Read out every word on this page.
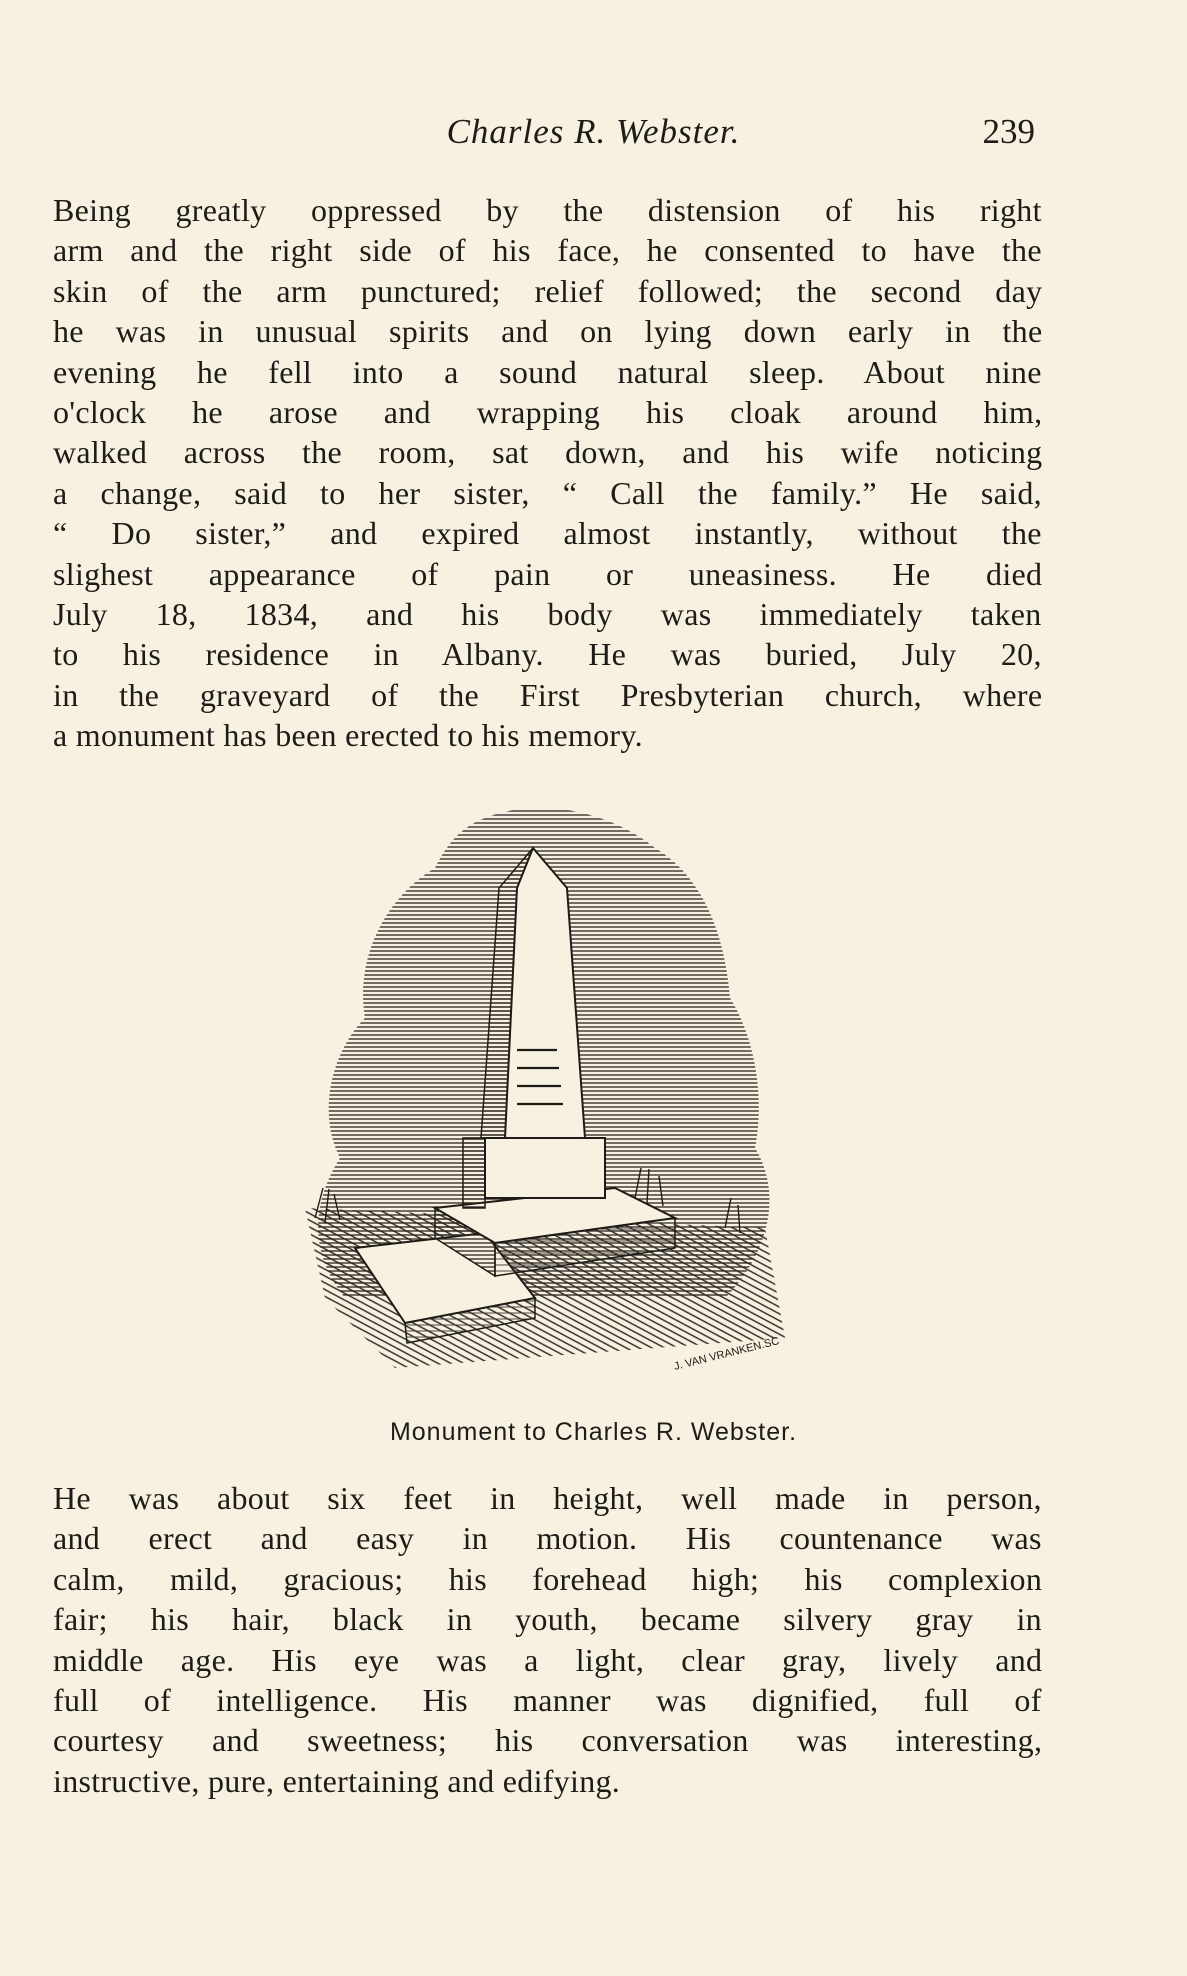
Charles R. Webster.	239
Being greatly oppressed by the distension of his right
arm and the right side of his face, he consented to have the
skin of the arm punctured; relief followed; the second day
he was in unusual spirits and on lying down early in the
evening he fell into a sound natural sleep. About nine
o'clock he arose and wrapping his cloak around him,
walked across the room, sat down, and his wife noticing
a change, said to her sister, “ Call the family.” He said,
“ Do sister,” and expired almost instantly, without the
slighest appearance of pain or uneasiness. He died
July 18, 1834, and his body was immediately taken
to his residence in Albany. He was buried, July 20,
in the graveyard of the First Presbyterian church, where
a monument has been erected to his memory.
J. VAN VRANKEN.SC
Monument to Charles R. Webster.
He was about six feet in height, well made in person,
and erect and easy in motion. His countenance was
calm, mild, gracious; his forehead high; his complexion
fair; his hair, black in youth, became silvery gray in
middle age. His eye was a light, clear gray, lively and
full of intelligence. His manner was dignified, full of
courtesy and sweetness; his conversation was interesting,
instructive, pure, entertaining and edifying.
